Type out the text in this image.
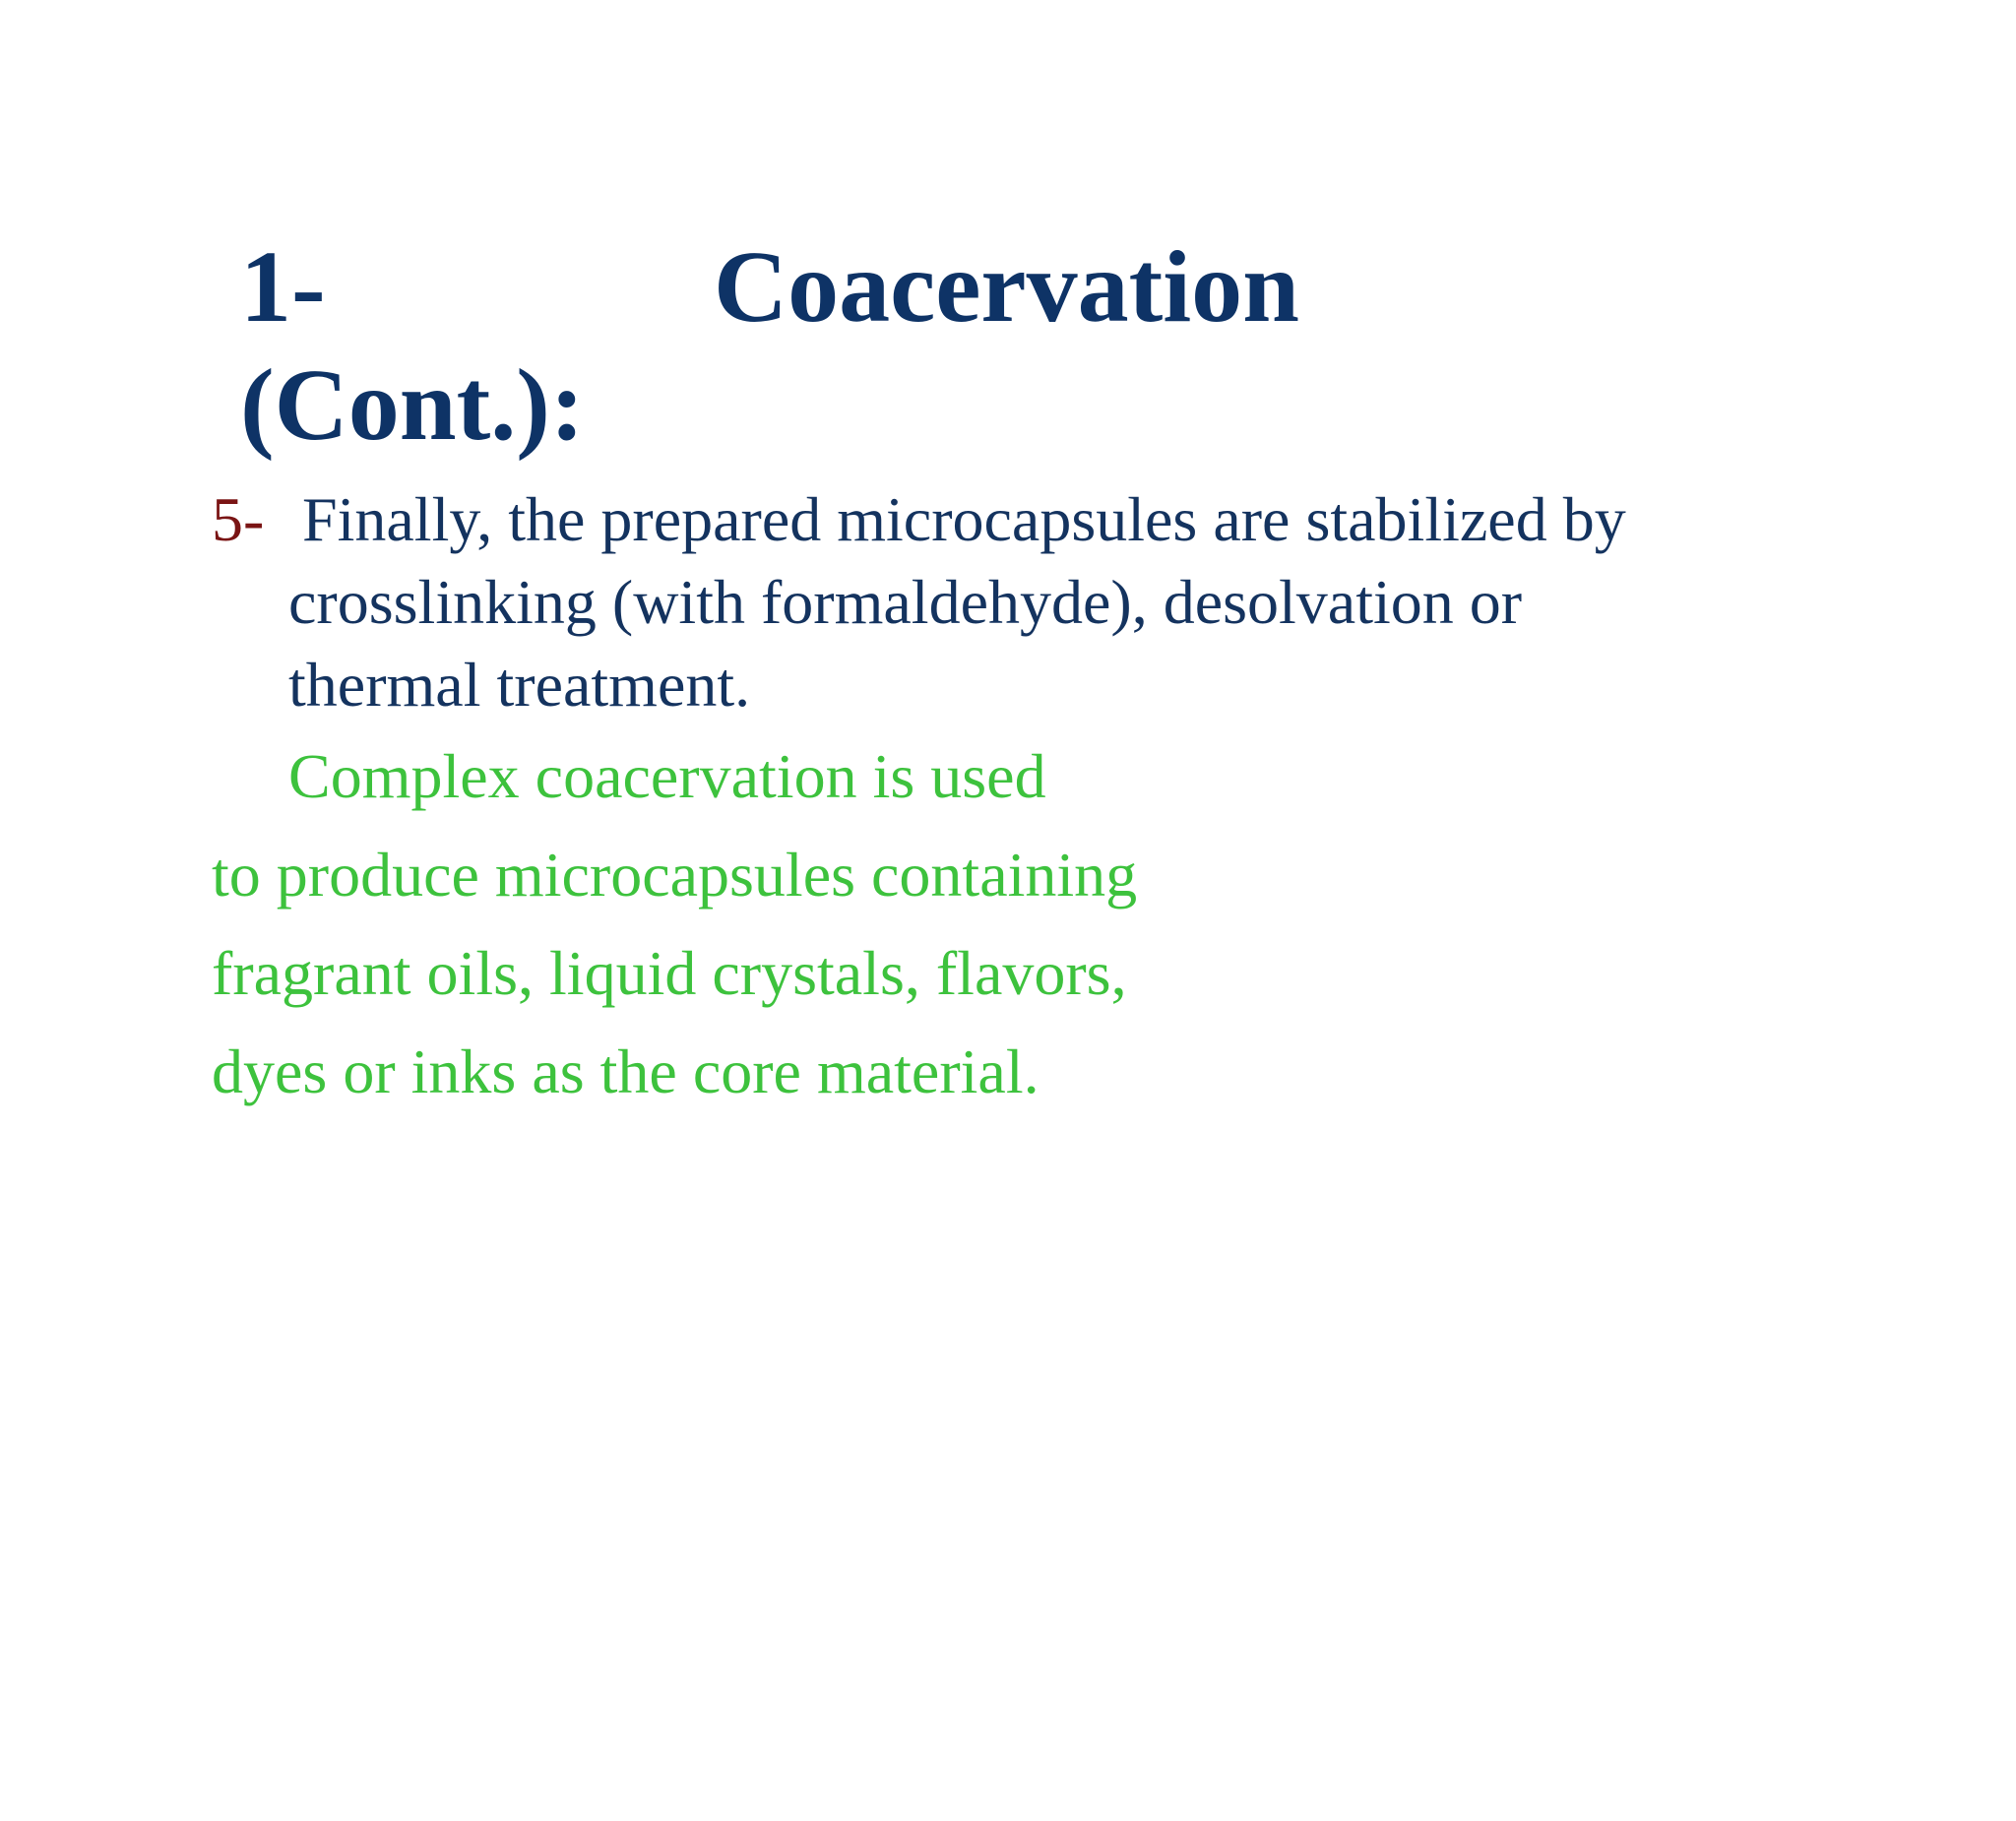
1-	Coacervation
(Cont.):
5- Finally, the prepared microcapsules are stabilized by
crosslinking (with formaldehyde), desolvation or
thermal treatment.
Complex coacervation is used
to produce microcapsules containing
fragrant oils, liquid crystals, flavors,
dyes or inks as the core material.
